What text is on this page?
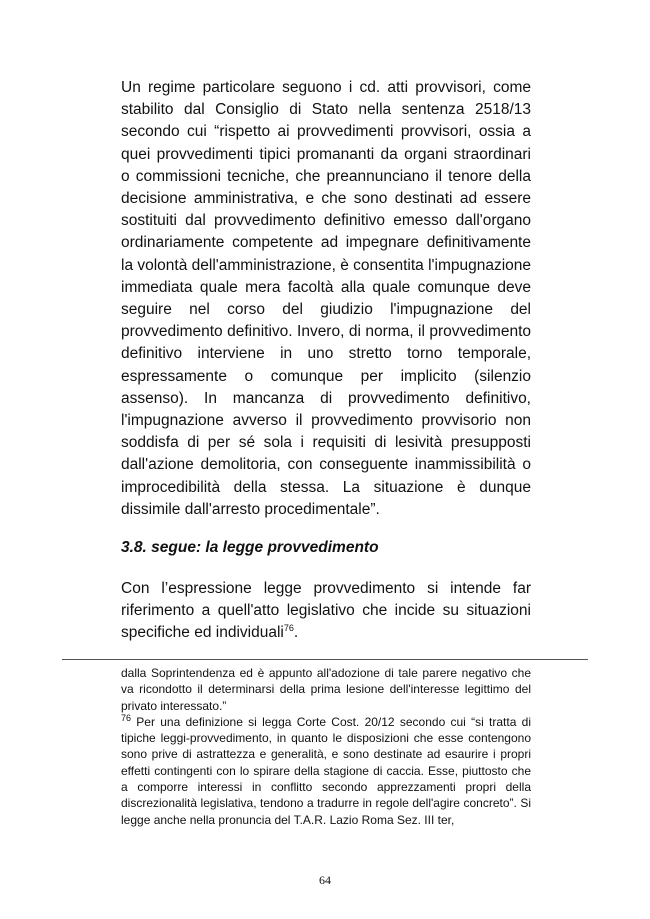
Un regime particolare seguono i cd. atti provvisori, come stabilito dal Consiglio di Stato nella sentenza 2518/13 secondo cui “rispetto ai provvedimenti provvisori, ossia a quei provvedimenti tipici promananti da organi straordinari o commissioni tecniche, che preannunciano il tenore della decisione amministrativa, e che sono destinati ad essere sostituiti dal provvedimento definitivo emesso dall'organo ordinariamente competente ad impegnare definitivamente la volontà dell'amministrazione, è consentita l'impugnazione immediata quale mera facoltà alla quale comunque deve seguire nel corso del giudizio l'impugnazione del provvedimento definitivo. Invero, di norma, il provvedimento definitivo interviene in uno stretto torno temporale, espressamente o comunque per implicito (silenzio assenso). In mancanza di provvedimento definitivo, l'impugnazione avverso il provvedimento provvisorio non soddisfa di per sé sola i requisiti di lesività presupposti dall'azione demolitoria, con conseguente inammissibilità o improcedibilità della stessa. La situazione è dunque dissimile dall'arresto procedimentale”.

3.8. segue: la legge provvedimento

Con l’espressione legge provvedimento si intende far riferimento a quell'atto legislativo che incide su situazioni specifiche ed individuali$^{76}$.

dalla Soprintendenza ed è appunto all'adozione di tale parere negativo che va ricondotto il determinarsi della prima lesione dell'interesse legittimo del privato interessato.”

$^{76}$ Per una definizione si legga Corte Cost. 20/12 secondo cui “si tratta di tipiche leggi-provvedimento, in quanto le disposizioni che esse contengono sono prive di astrattezza e generalità, e sono destinate ad esaurire i propri effetti contingenti con lo spirare della stagione di caccia. Esse, piuttosto che a comporre interessi in conflitto secondo apprezzamenti propri della discrezionalità legislativa, tendono a tradurre in regole dell'agire concreto”. Si legge anche nella pronuncia del T.A.R. Lazio Roma Sez. III ter,

64
